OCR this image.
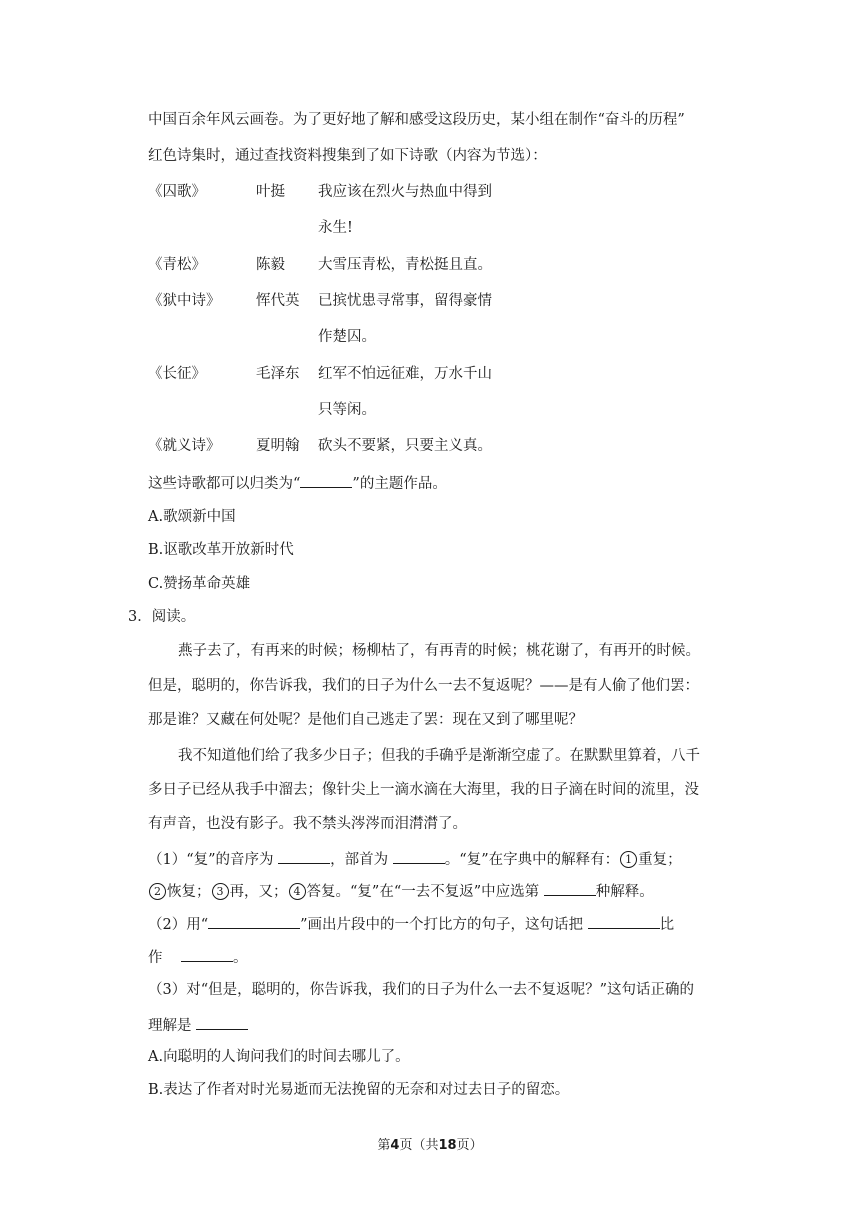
中国百余年风云画卷。为了更好地了解和感受这段历史，某小组在制作“奋斗的历程”
红色诗集时，通过查找资料搜集到了如下诗歌（内容为节选）：
《囚歌》	叶挺 我应该在烈火与热血中得到
永生!
《青松》	陈毅 大雪压青松，青松挺且直。
《狱中诗》 恽代英 已摈忧患寻常事，留得豪情
作楚囚。
《长征》	毛泽东 红军不怕远征难，万水千山
只等闲。
《就义诗》 夏明翰 砍头不要紧，只要主义真。
这些诗歌都可以归类为“	”的主题作品。
A.歌颂新中国
B.讴歌改革开放新时代
C.赞扬革命英雄
3．阅读。
燕子去了，有再来的时候；杨柳枯了，有再青的时候；桃花谢了，有再开的时候。
但是，聪明的，你告诉我，我们的日子为什么一去不复返呢？——是有人偷了他们罢：
那是谁？又藏在何处呢？是他们自己逃走了罢：现在又到了哪里呢？
我不知道他们给了我多少日子；但我的手确乎是渐渐空虚了。在默默里算着，八千
多日子已经从我手中溜去；像针尖上一滴水滴在大海里，我的日子滴在时间的流里，没
有声音，也没有影子。我不禁头涔涔而泪潸潸了。
（1）“复”的音序为	，部首为	。“复”在字典中的解释有： 1 重复；
2 恢复； 3 再，又； 4 答复。“复”在“一去不复返”中应选第	种解释。
（2）用“	”画出片段中的一个打比方的句子，这句话把	比
作	。
（3）对“但是，聪明的，你告诉我，我们的日子为什么一去不复返呢？”这句话正确的
理解是
A.向聪明的人询问我们的时间去哪儿了。
B.表达了作者对时光易逝而无法挽留的无奈和对过去日子的留恋。
第4页（共18页）
